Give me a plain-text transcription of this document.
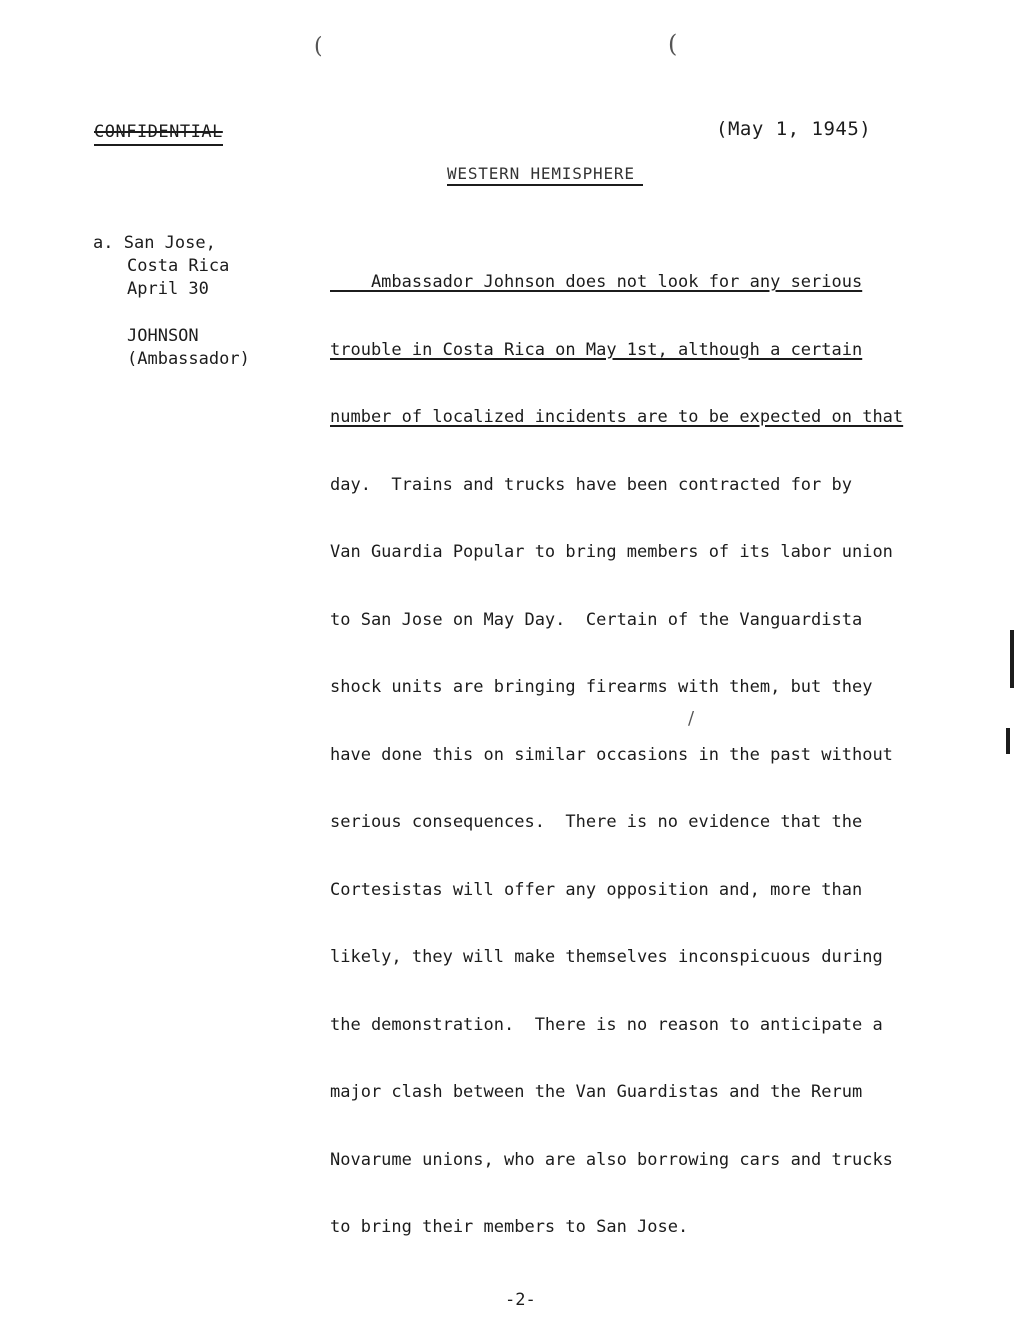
(	(
CONFIDENTIAL	(May 1, 1945)
WESTERN HEMISPHERE
a. San Jose,
Costa Rica
April 30
JOHNSON
(Ambassador)

Ambassador Johnson does not look for any serious

trouble in Costa Rica on May 1st, although a certain

number of localized incidents are to be expected on that

day.  Trains and trucks have been contracted for by

Van Guardia Popular to bring members of its labor union

to San Jose on May Day.  Certain of the Vanguardista

shock units are bringing firearms with them, but they

have done this on similar occasions in the past without

serious consequences.  There is no evidence that the

Cortesistas will offer any opposition and, more than

likely, they will make themselves inconspicuous during

the demonstration.  There is no reason to anticipate a

major clash between the Van Guardistas and the Rerum

Novarume unions, who are also borrowing cars and trucks

to bring their members to San Jose.

/
-2-
